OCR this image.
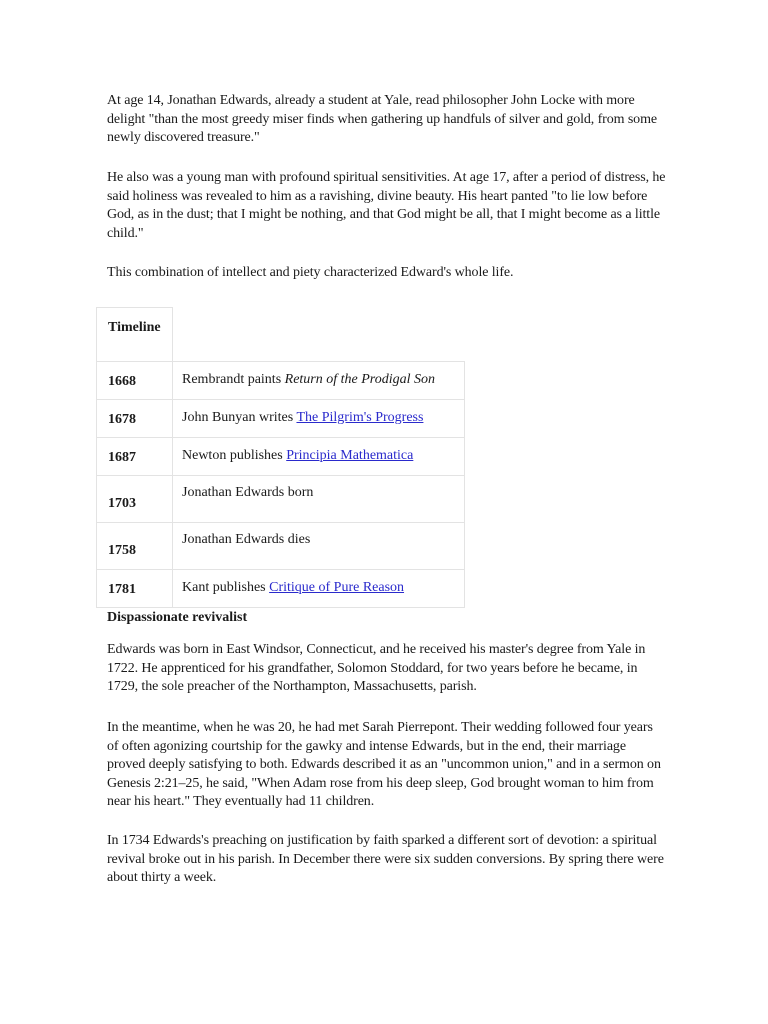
At age 14, Jonathan Edwards, already a student at Yale, read philosopher John Locke with more delight "than the most greedy miser finds when gathering up handfuls of silver and gold, from some newly discovered treasure."

He also was a young man with profound spiritual sensitivities. At age 17, after a period of distress, he said holiness was revealed to him as a ravishing, divine beauty. His heart panted "to lie low before God, as in the dust; that I might be nothing, and that God might be all, that I might become as a little child."

This combination of intellect and piety characterized Edward's whole life.

Timeline	
1668	Rembrandt paints Return of the Prodigal Son
1678	John Bunyan writes The Pilgrim's Progress
1687	Newton publishes Principia Mathematica
1703	Jonathan Edwards born
1758	Jonathan Edwards dies
1781	Kant publishes Critique of Pure Reason
Dispassionate revivalist

Edwards was born in East Windsor, Connecticut, and he received his master's degree from Yale in 1722. He apprenticed for his grandfather, Solomon Stoddard, for two years before he became, in 1729, the sole preacher of the Northampton, Massachusetts, parish.

In the meantime, when he was 20, he had met Sarah Pierrepont. Their wedding followed four years of often agonizing courtship for the gawky and intense Edwards, but in the end, their marriage proved deeply satisfying to both. Edwards described it as an "uncommon union," and in a sermon on Genesis 2:21–25, he said, "When Adam rose from his deep sleep, God brought woman to him from near his heart." They eventually had 11 children.

In 1734 Edwards's preaching on justification by faith sparked a different sort of devotion: a spiritual revival broke out in his parish. In December there were six sudden conversions. By spring there were about thirty a week.
